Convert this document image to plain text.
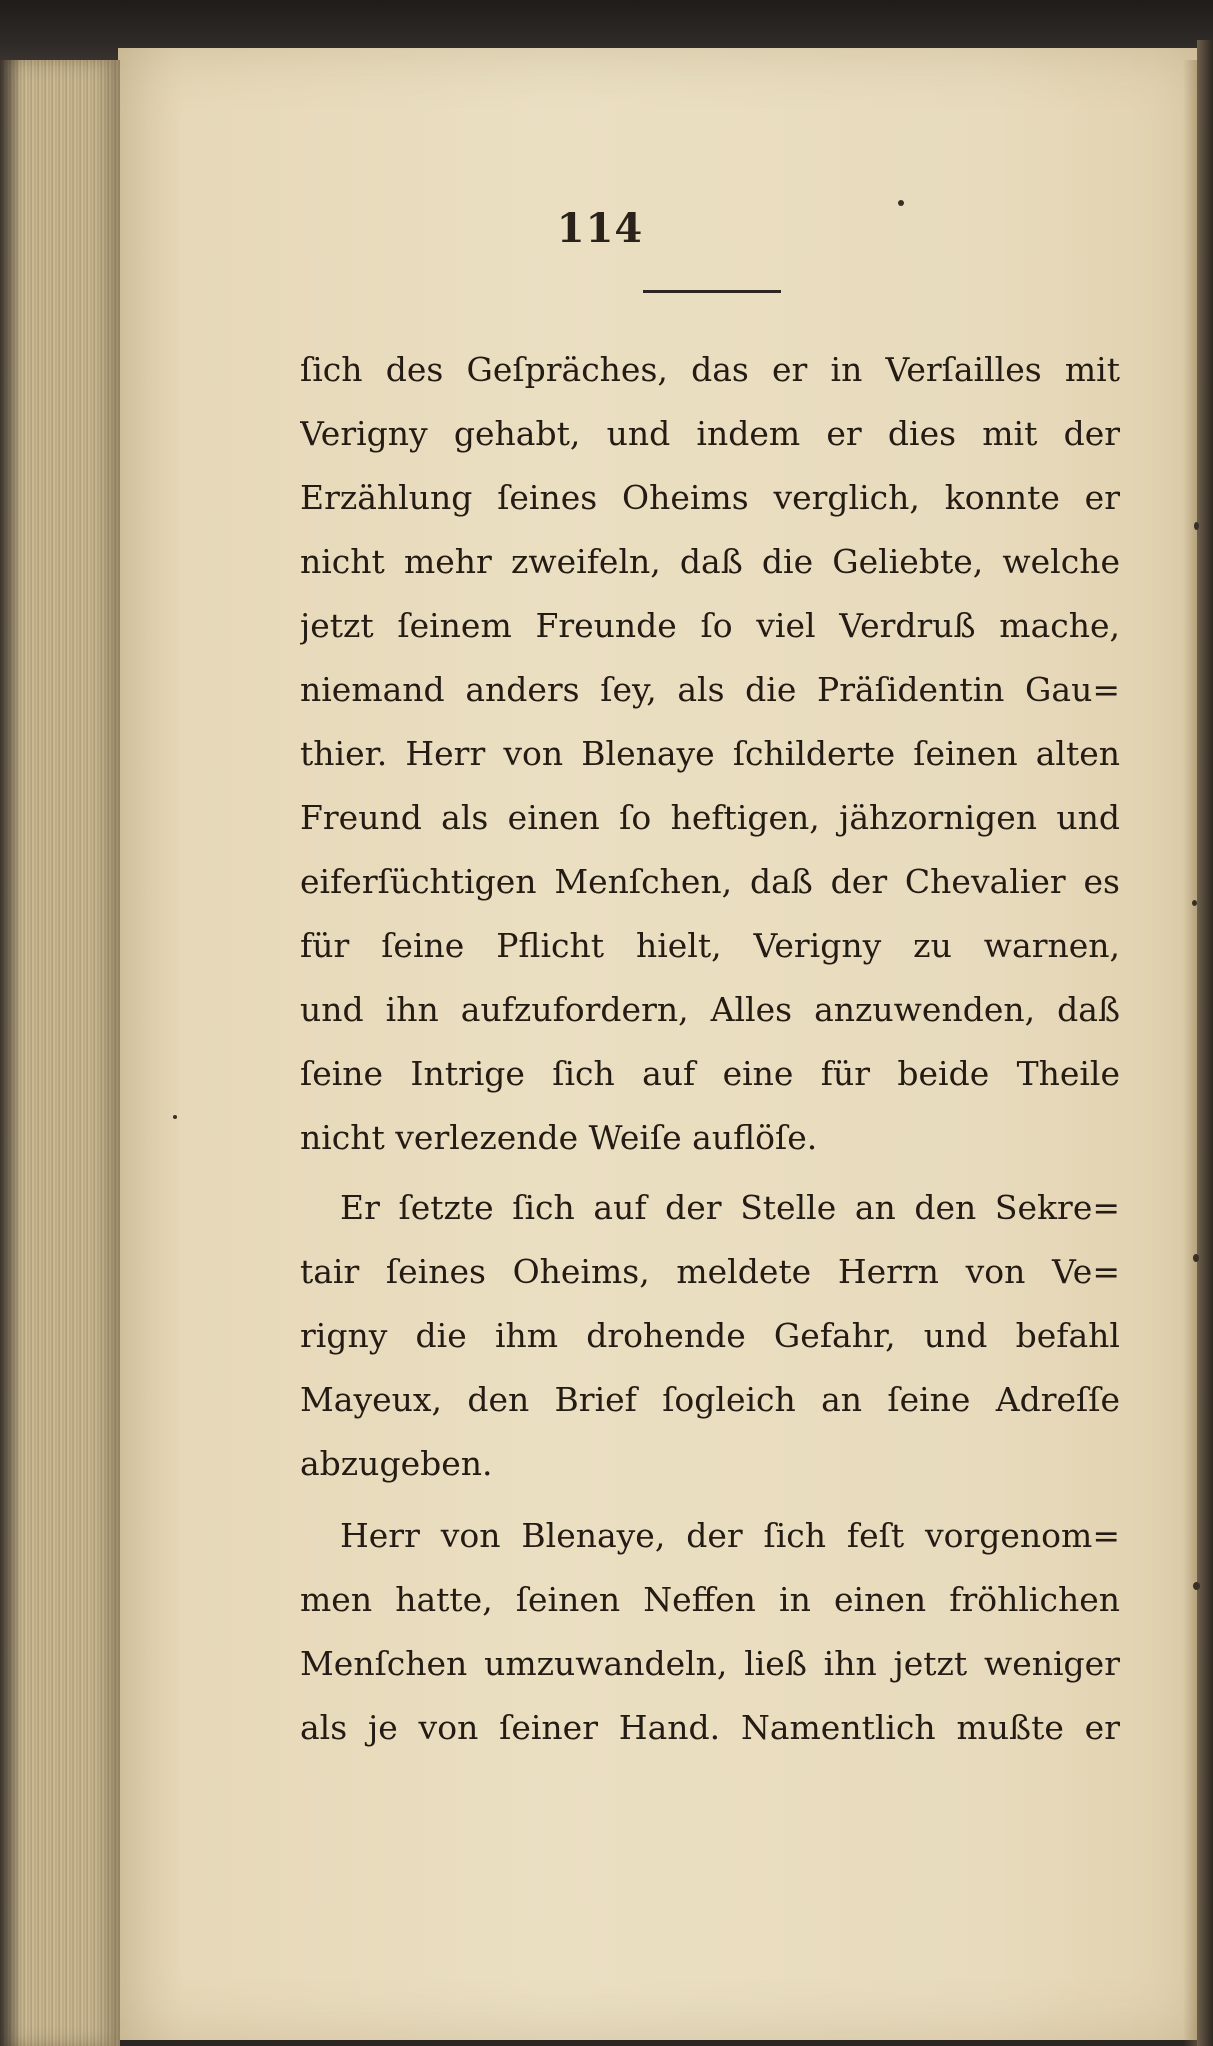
114
ſich des Geſpräches, das er in Verſailles mit
Verigny gehabt, und indem er dies mit der
Erzählung ſeines Oheims verglich, konnte er
nicht mehr zweifeln, daß die Geliebte, welche
jetzt ſeinem Freunde ſo viel Verdruß mache,
niemand anders ſey, als die Präſidentin Gau=
thier. Herr von Blenaye ſchilderte ſeinen alten
Freund als einen ſo heftigen, jähzornigen und
eiferſüchtigen Menſchen, daß der Chevalier es
für ſeine Pflicht hielt, Verigny zu warnen,
und ihn aufzufordern, Alles anzuwenden, daß
ſeine Intrige ſich auf eine für beide Theile
nicht verlezende Weiſe auflöſe.
Er ſetzte ſich auf der Stelle an den Sekre=
tair ſeines Oheims, meldete Herrn von Ve=
rigny die ihm drohende Gefahr, und befahl
Mayeux, den Brief ſogleich an ſeine Adreſſe
abzugeben.
Herr von Blenaye, der ſich feſt vorgenom=
men hatte, ſeinen Neffen in einen fröhlichen
Menſchen umzuwandeln, ließ ihn jetzt weniger
als je von ſeiner Hand. Namentlich mußte er
